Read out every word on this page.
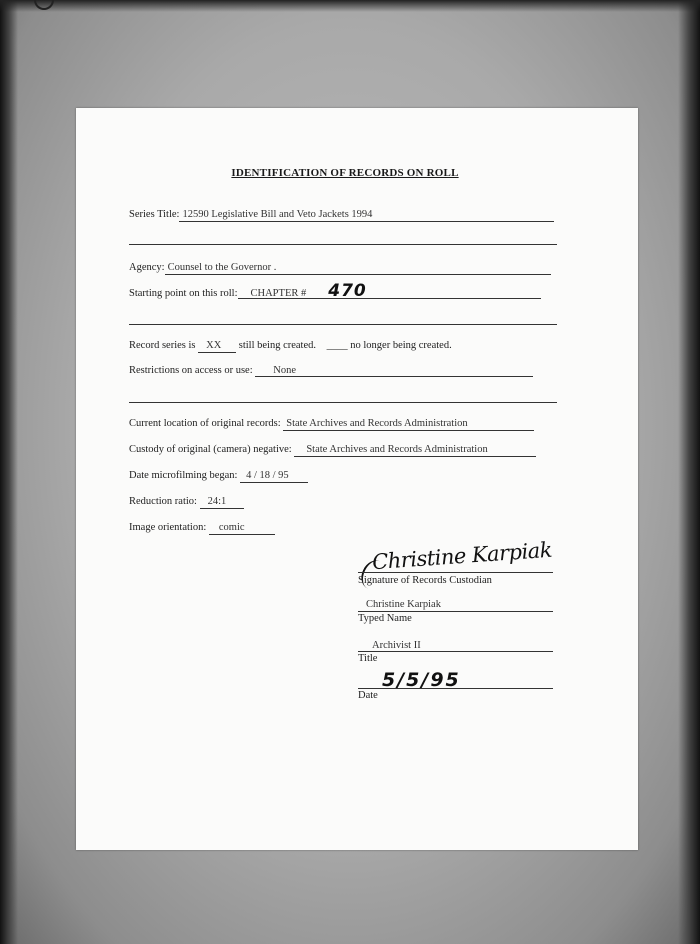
IDENTIFICATION OF RECORDS ON ROLL
Series Title: 12590 Legislative Bill and Veto Jackets 1994
Agency: Counsel to the Governor .
Starting point on this roll: CHAPTER # 470
Record series is XX still being created. ____ no longer being created.
Restrictions on access or use: None
Current location of original records: State Archives and Records Administration
Custody of original (camera) negative: State Archives and Records Administration
Date microfilming began: 4 / 18 / 95
Reduction ratio: 24:1
Image orientation: comic
Christine Karpiak
Signature of Records Custodian
Christine Karpiak
Typed Name
Archivist II
Title
5/5/95
Date
